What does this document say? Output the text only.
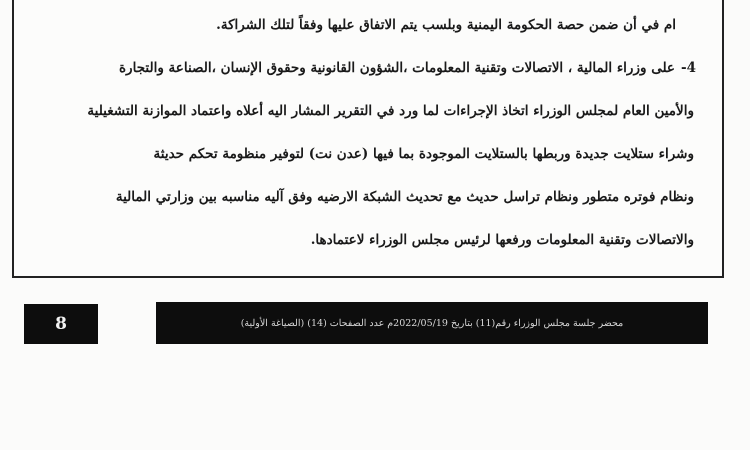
ام في أن ضمن حصة الحكومة اليمنية وبلسب يتم الاتفاق عليها وفقاً لتلك الشراكة.
4-على وزراء المالية ، الاتصالات وتقنية المعلومات ،الشؤون القانونية وحقوق الإنسان ،الصناعة والتجارة
والأمين العام لمجلس الوزراء اتخاذ الإجراءات لما ورد في التقرير المشار اليه أعلاه واعتماد الموازنة التشغيلية
وشراء ستلايت جديدة وربطها بالستلايت الموجودة بما فيها (عدن نت) لتوفير منظومة تحكم حديثة
ونظام فوتره متطور ونظام تراسل حديث مع تحديث الشبكة الارضيه وفق آليه مناسبه بين وزارتي المالية
والاتصالات وتقنية المعلومات ورفعها لرئيس مجلس الوزراء لاعتمادها.
8	محضر جلسة مجلس الوزراء رقم(11) بتاريخ 2022/05/19م عدد الصفحات (14) (الصياغة الأولية)
